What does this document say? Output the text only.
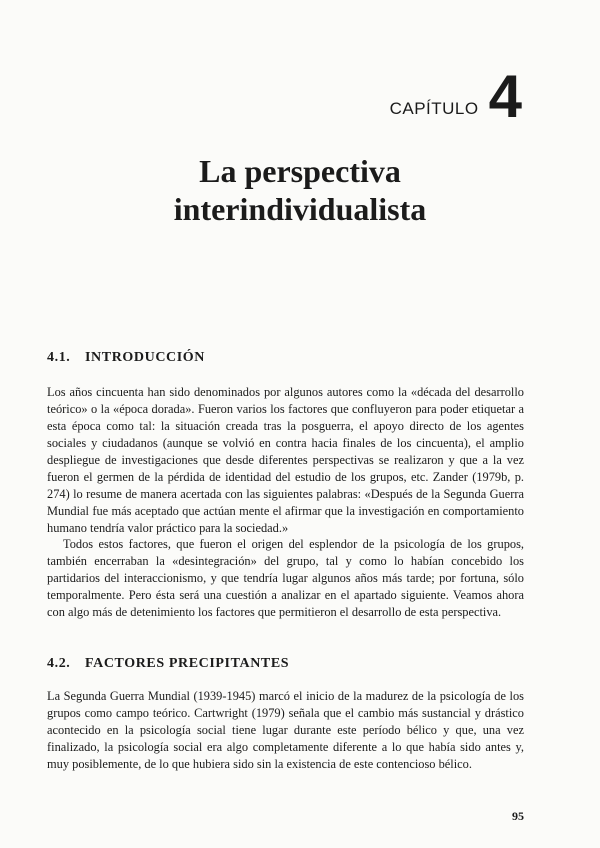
CAPÍTULO 4
La perspectiva
interindividualista
4.1. INTRODUCCIÓN

Los años cincuenta han sido denominados por algunos autores como la «década del desarrollo teórico» o la «época dorada». Fueron varios los factores que confluyeron para poder etiquetar a esta época como tal: la situación creada tras la posguerra, el apoyo directo de los agentes sociales y ciudadanos (aunque se volvió en contra hacia finales de los cincuenta), el amplio despliegue de investigaciones que desde diferentes perspectivas se realizaron y que a la vez fueron el germen de la pérdida de identidad del estudio de los grupos, etc. Zander (1979b, p. 274) lo resume de manera acertada con las siguientes palabras: «Después de la Segunda Guerra Mundial fue más aceptado que actúan mente el afirmar que la investigación en comportamiento humano tendría valor práctico para la sociedad.»

Todos estos factores, que fueron el origen del esplendor de la psicología de los grupos, también encerraban la «desintegración» del grupo, tal y como lo habían concebido los partidarios del interaccionismo, y que tendría lugar algunos años más tarde; por fortuna, sólo temporalmente. Pero ésta será una cuestión a analizar en el apartado siguiente. Veamos ahora con algo más de detenimiento los factores que permitieron el desarrollo de esta perspectiva.

4.2. FACTORES PRECIPITANTES

La Segunda Guerra Mundial (1939-1945) marcó el inicio de la madurez de la psicología de los grupos como campo teórico. Cartwright (1979) señala que el cambio más sustancial y drástico acontecido en la psicología social tiene lugar durante este período bélico y que, una vez finalizado, la psicología social era algo completamente diferente a lo que había sido antes y, muy posiblemente, de lo que hubiera sido sin la existencia de este contencioso bélico.

95
